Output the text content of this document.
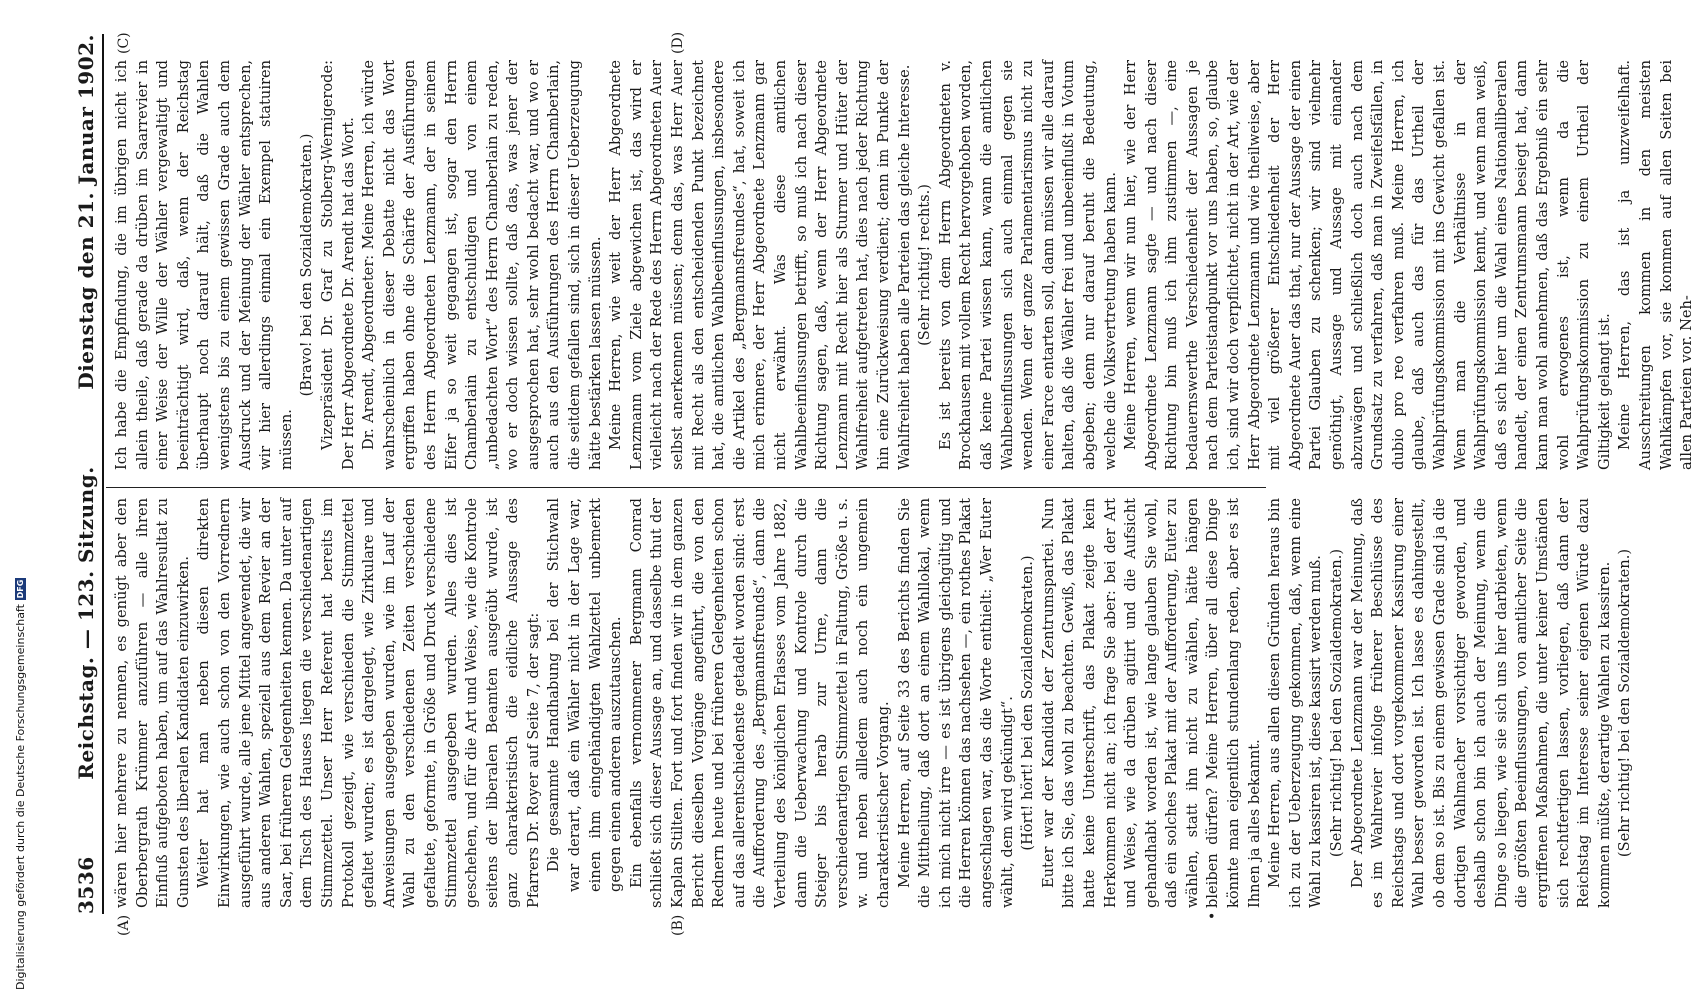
3536
Reichstag. — 123. Sitzung.
Dienstag den 21. Januar 1902.
(A)	(B)
(C)	(D)
•

wären hier mehrere zu nennen, es genügt aber den Oberbergrath Krümmer anzuführen — alle ihren Einfluß aufgeboten haben, um auf das Wahlresultat zu Gunsten des liberalen Kandidaten einzuwirken. Weiter hat man neben diesen direkten Einwirkungen, wie auch schon von den Vorrednern ausgeführt wurde, alle jene Mittel angewendet, die wir aus anderen Wahlen, speziell aus dem Revier an der Saar, bei früheren Gelegenheiten kennen. Da unter auf dem Tisch des Hauses liegen die verschiedenartigen Stimmzettel. Unser Herr Referent hat bereits im Protokoll gezeigt, wie verschieden die Stimmzettel gefaltet wurden; es ist dargelegt, wie Zirkulare und Anweisungen ausgegeben wurden, wie im Lauf der Wahl zu den verschiedenen Zeiten verschieden gefaltete, geformte, in Größe und Druck verschiedene Stimmzettel ausgegeben wurden. Alles dies ist geschehen, und für die Art und Weise, wie die Kontrole seitens der liberalen Beamten ausgeübt wurde, ist ganz charakteristisch die eidliche Aussage des Pfarrers Dr. Royer auf Seite 7, der sagt: Die gesammte Handhabung bei der Stichwahl war derart, daß ein Wähler nicht in der Lage war, einen ihm eingehändigten Wahlzettel unbemerkt gegen einen anderen auszutauschen. Ein ebenfalls vernommener Bergmann Conrad schließt sich dieser Aussage an, und dasselbe thut der Kaplan Stilten. Fort und fort finden wir in dem ganzen Bericht dieselben Vorgänge angeführt, die von den Rednern heute und bei früheren Gelegenheiten schon auf das allerentschiedenste getadelt worden sind: erst die Aufforderung des „Bergmannsfreunds“, dann die Verteilung des königlichen Erlasses vom Jahre 1882, dann die Ueberwachung und Kontrole durch die Steiger bis herab zur Urne, dann die verschiedenartigen Stimmzettel in Faltung, Größe u. s. w. und neben allledem auch noch ein ungemein charakteristischer Vorgang. Meine Herren, auf Seite 33 des Berichts finden Sie die Mittheilung, daß dort an einem Wahllokal, wenn ich mich nicht irre — es ist übrigens gleichgültig und die Herren können das nachsehen —, ein rothes Plakat angeschlagen war, das die Worte enthielt: „Wer Euter wählt, dem wird gekündigt“. (Hört! hört! bei den Sozialdemokraten.) Euter war der Kandidat der Zentrumspartei. Nun bitte ich Sie, das wohl zu beachten. Gewiß, das Plakat hatte keine Unterschrift, das Plakat zeigte kein Herkommen nicht an; ich frage Sie aber: bei der Art und Weise, wie da drüben agitirt und die Aufsicht gehandhabt worden ist, wie lange glauben Sie wohl, daß ein solches Plakat mit der Aufforderung, Euter zu wählen, statt ihn nicht zu wählen, hätte hängen bleiben dürfen? Meine Herren, über all diese Dinge könnte man eigentlich stundenlang reden, aber es ist Ihnen ja alles bekannt. Meine Herren, aus allen diesen Gründen heraus bin ich zu der Ueberzeugung gekommen, daß, wenn eine Wahl zu kassiren ist, diese kassirt werden muß. (Sehr richtig! bei den Sozialdemokraten.) Der Abgeordnete Lenzmann war der Meinung, daß es im Wahlrevier infolge früherer Beschlüsse des Reichstags und dort vorgekommener Kassirung einer Wahl besser geworden ist. Ich lasse es dahingestellt, ob dem so ist. Bis zu einem gewissen Grade sind ja die dortigen Wahlmacher vorsichtiger geworden, und deshalb schon bin ich auch der Meinung, wenn die Dinge so liegen, wie sie sich uns hier darbieten, wenn die größten Beeinflussungen, von amtlicher Seite die ergriffenen Maßnahmen, die unter keiner Umständen sich rechtfertigen lassen, vorliegen, daß dann der Reichstag im Interesse seiner eigenen Würde dazu kommen müßte, derartige Wahlen zu kassiren. (Sehr richtig! bei den Sozialdemokraten.)

Ich habe die Empfindung, die im übrigen nicht ich allein theile, daß gerade da drüben im Saarrevier in einer Weise der Wille der Wähler vergewaltigt und beeinträchtigt wird, daß, wenn der Reichstag überhaupt noch darauf hält, daß die Wahlen wenigstens bis zu einem gewissen Grade auch dem Ausdruck und der Meinung der Wähler entsprechen, wir hier allerdings einmal ein Exempel statuiren müssen.

(Bravo! bei den Sozialdemokraten.) Vizepräsident Dr. Graf zu Stolberg-Wernigerode: Der Herr Abgeordnete Dr. Arendt hat das Wort. Dr. Arendt, Abgeordneter: Meine Herren, ich würde wahrscheinlich in dieser Debatte nicht das Wort ergriffen haben ohne die Schärfe der Ausführungen des Herrn Abgeordneten Lenzmann, der in seinem Eifer ja so weit gegangen ist, sogar den Herrn Chamberlain zu entschuldigen und von einem „unbedachten Wort“ des Herrn Chamberlain zu reden, wo er doch wissen sollte, daß das, was jener der ausgesprochen hat, sehr wohl bedacht war, und wo er auch aus den Ausführungen des Herrn Chamberlain, die seitdem gefallen sind, sich in dieser Ueberzeugung hätte bestärken lassen müssen. Meine Herren, wie weit der Herr Abgeordnete Lenzmann vom Ziele abgewichen ist, das wird er vielleicht nach der Rede des Herrn Abgeordneten Auer selbst anerkennen müssen; denn das, was Herr Auer mit Recht als den entscheidenden Punkt bezeichnet hat, die amtlichen Wahlbeeinflussungen, insbesondere die Artikel des „Bergmannsfreundes“, hat, soweit ich mich erinnere, der Herr Abgeordnete Lenzmann gar nicht erwähnt. Was diese amtlichen Wahlbeeinflussungen betrifft, so muß ich nach dieser Richtung sagen, daß, wenn der Herr Abgeordnete Lenzmann mit Recht hier als Sturmer und Hüter der Wahlfreiheit aufgetreten hat, dies nach jeder Richtung hin eine Zurückweisung verdient; denn im Punkte der Wahlfreiheit haben alle Parteien das gleiche Interesse. (Sehr richtig! rechts.) Es ist bereits von dem Herrn Abgeordneten v. Brockhausen mit vollem Recht hervorgehoben worden, daß keine Partei wissen kann, wann die amtlichen Wahlbeeinflussungen sich auch einmal gegen sie wenden. Wenn der ganze Parlamentarismus nicht zu einer Farce entarten soll, dann müssen wir alle darauf halten, daß die Wähler frei und unbeeinflußt in Votum abgeben; denn nur darauf beruht die Bedeutung, welche die Volksvertretung haben kann. Meine Herren, wenn wir nun hier, wie der Herr Abgeordnete Lenzmann sagte — und nach dieser Richtung bin muß ich ihm zustimmen —, eine bedauernswerthe Verschiedenheit der Aussagen je nach dem Parteistandpunkt vor uns haben, so, glaube ich, sind wir doch verpflichtet, nicht in der Art, wie der Herr Abgeordnete Lenzmann und wie theilweise, aber mit viel größerer Entschiedenheit der Herr Abgeordnete Auer das that, nur der Aussage der einen Partei Glauben zu schenken; wir sind vielmehr genöthigt, Aussage und Aussage mit einander abzuwägen und schließlich doch auch nach dem Grundsatz zu verfahren, daß man in Zweifelsfällen, in dubio pro reo verfahren muß. Meine Herren, ich glaube, daß auch das für das Urtheil der Wahlprüfungskommission mit ins Gewicht gefallen ist. Wenn man die Verhältnisse in der Wahlprüfungskommission kennt, und wenn man weiß, daß es sich hier um die Wahl eines Nationalliberalen handelt, der einen Zentrumsmann besiegt hat, dann kann man wohl annehmen, daß das Ergebniß ein sehr wohl erwogenes ist, wenn da die Wahlprüfungskommission zu einem Urtheil der Giltigkeit gelangt ist. Meine Herren, das ist ja unzweifelhaft. Ausschreitungen kommen in den meisten Wahlkämpfen vor, sie kommen auf allen Seiten bei allen Parteien vor. Neh-

Digitalisierung gefördert durch die Deutsche Forschungsgemeinschaft
DFG
